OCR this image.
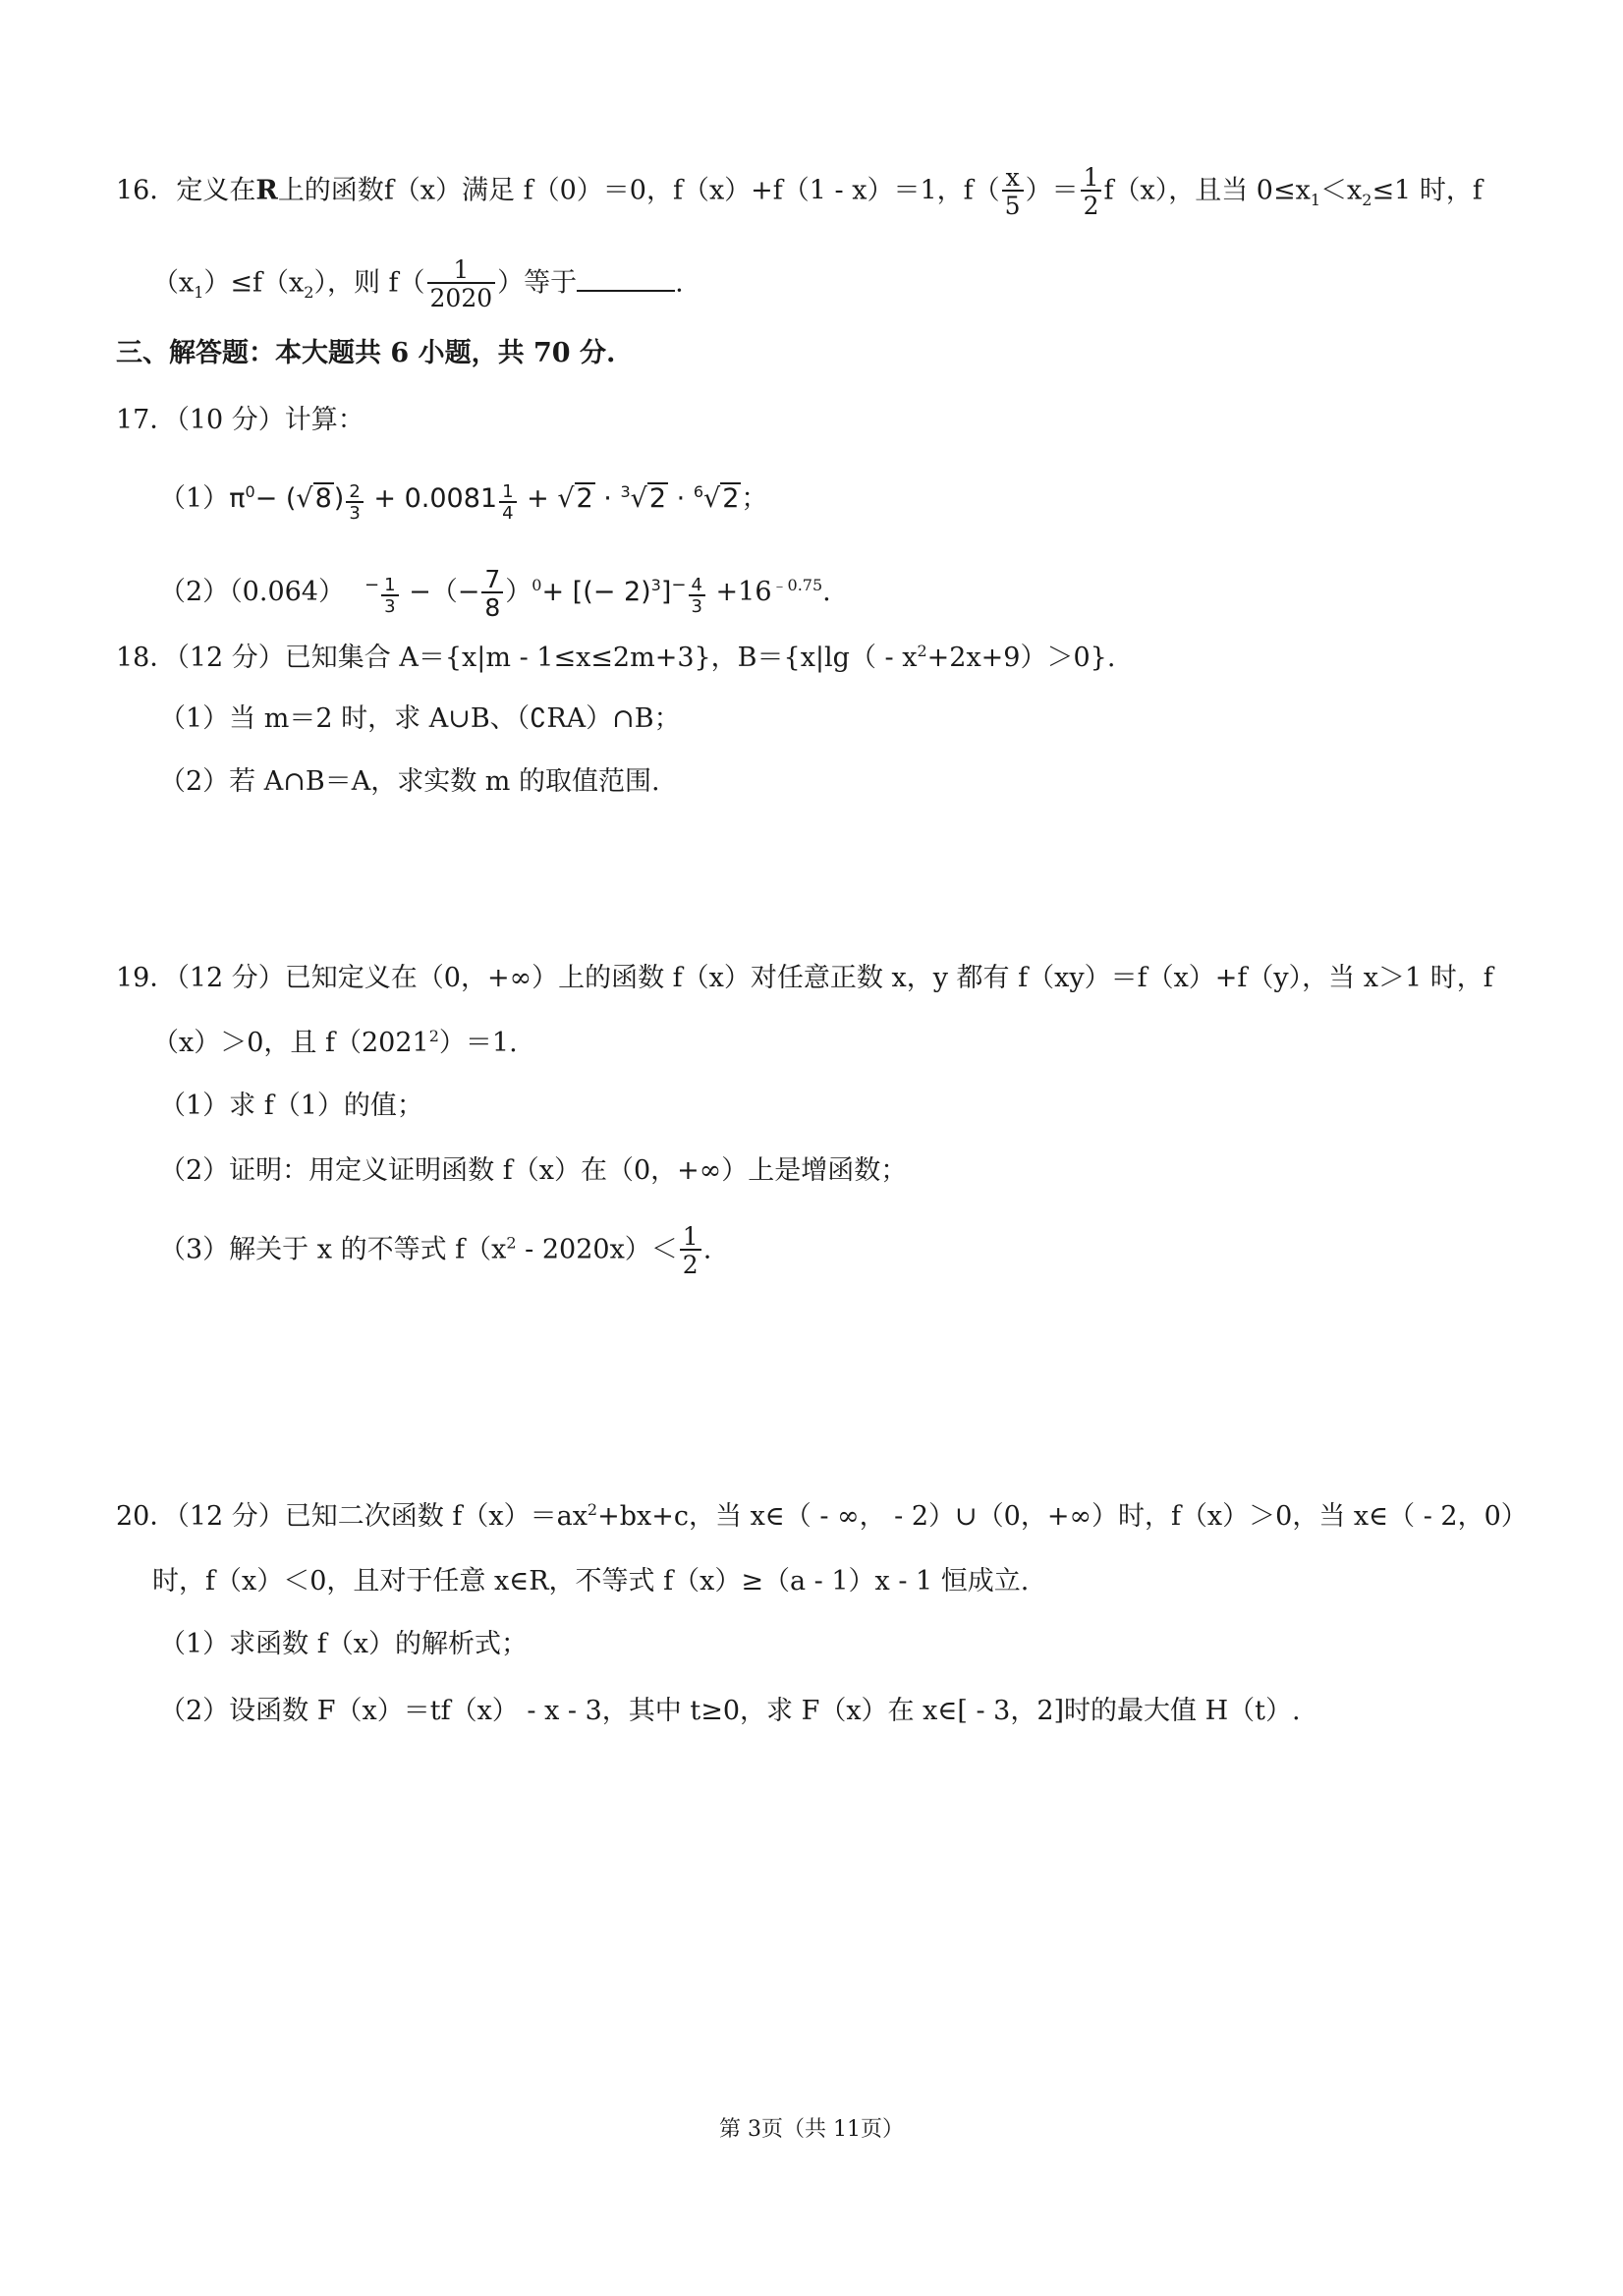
16．定义在R上的函数f（x）满足 f（0）＝0，f（x）+f（1 - x）＝1，$f( \frac{x}{5}$ ）＝ $\frac{1}{2} f(x)$，且当 $0\le x_1<x_2\le 1$ 时，f
$(x_1)\le f(x_2)$，则 $f( \frac{1}{2020}$ ）等于	.
三、解答题：本大题共 6 小题，共 70 分.
17．（10 分）计算：
$(1)\pi^0- (√8) \frac{2}{3} + 0.0081 \frac{1}{4} + √2 \cdot ^3√2 \cdot ^6√2$；
（2）（0.064） $^- \frac{1}{3}$ −（− $\frac{7}{8} )^0+$ [(− $2)^3]^- \frac{4}{3} +16^{﹣0.75}$.
18．（12 分）已知集合 A＝{x|m - 1≤x≤2m+3}，$B=\{x|\lg( - x^2+2x+9)>0\}$.
（1）当 m＝2 时，求 A∪B、（∁RA）∩B；
（2）若 A∩B＝A，求实数 m 的取值范围.
19．（12 分）已知定义在（0，+∞）上的函数 f（x）对任意正数 x，y 都有 f（xy）＝f（x）+f（y），当 x＞1 时，f
（x）＞0，且 $f(2021^2)=1$.
（1）求 f（1）的值；
（2）证明：用定义证明函数 f（x）在（0，+∞）上是增函数；
（3）解关于 x 的不等式 $f(x^2 - 2020x)< \frac{1}{2}$ .
20．（12 分）已知二次函数 $f(x)=ax^2+bx+c$，当 x∈（ - ∞， - 2）∪（0，+∞）时，f（x）＞0，当 x∈（ - 2，0）
时，f（x）＜0，且对于任意 x∈R，不等式 f（x）≥（a - 1）x - 1 恒成立.
（1）求函数 f（x）的解析式；
（2）设函数 F（x）＝tf（x） - x - 3，其中 t≥0，求 F（x）在 x∈[ - 3，2]时的最大值 H（t）.
第 3页（共 11页）
